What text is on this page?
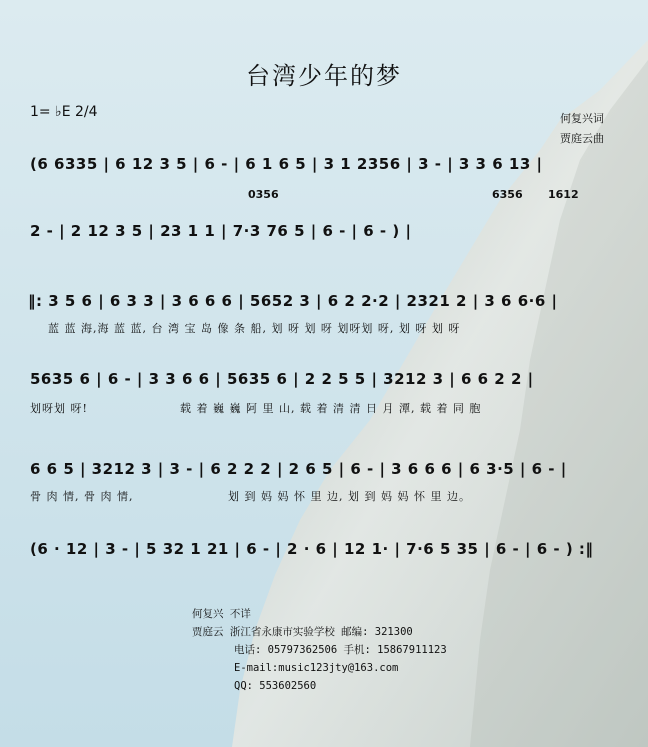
台湾少年的梦
1= ♭E 2/4	何复兴词
贾庭云曲
0356
(6 6335 | 6 12 3 5 | 6 - | 6 1 6 5 | 3 1 2356 | 3 - | 3 3 6 13 |
6356 1612
2 - | 2 12 3 5 | 23 1 1 | 7·3 76 5 | 6 - | 6 - ) |
‖: 3 5 6 | 6 3 3 | 3 6 6 6 | 5652 3 | 6 2 2·2 | 2321 2 | 3 6 6·6 |
蓝 蓝 海,海 蓝 蓝, 台 湾 宝 岛 像 条 船, 划 呀 划 呀 划呀划 呀, 划 呀 划 呀
5635 6 | 6 - | 3 3 6 6 | 5635 6 | 2 2 5 5 | 3212 3 | 6 6 2 2 |
划呀划 呀!	载 着 巍 巍 阿 里 山, 载 着 清 清 日 月 潭, 载 着 同 胞
6 6 5 | 3212 3 | 3 - | 6 2 2 2 | 2 6 5 | 6 - | 3 6 6 6 | 6 3·5 | 6 - |
骨 肉 情, 骨 肉 情,	划 到 妈 妈 怀 里 边, 划 到 妈 妈 怀 里 边。
(6 · 12 | 3 - | 5 32 1 21 | 6 - | 2 · 6 | 12 1· | 7·6 5 35 | 6 - | 6 - ) :‖
何复兴 不详
贾庭云 浙江省永康市实验学校 邮编: 321300
电话: 05797362506 手机: 15867911123
E-mail:music123jty@163.com
QQ: 553602560
